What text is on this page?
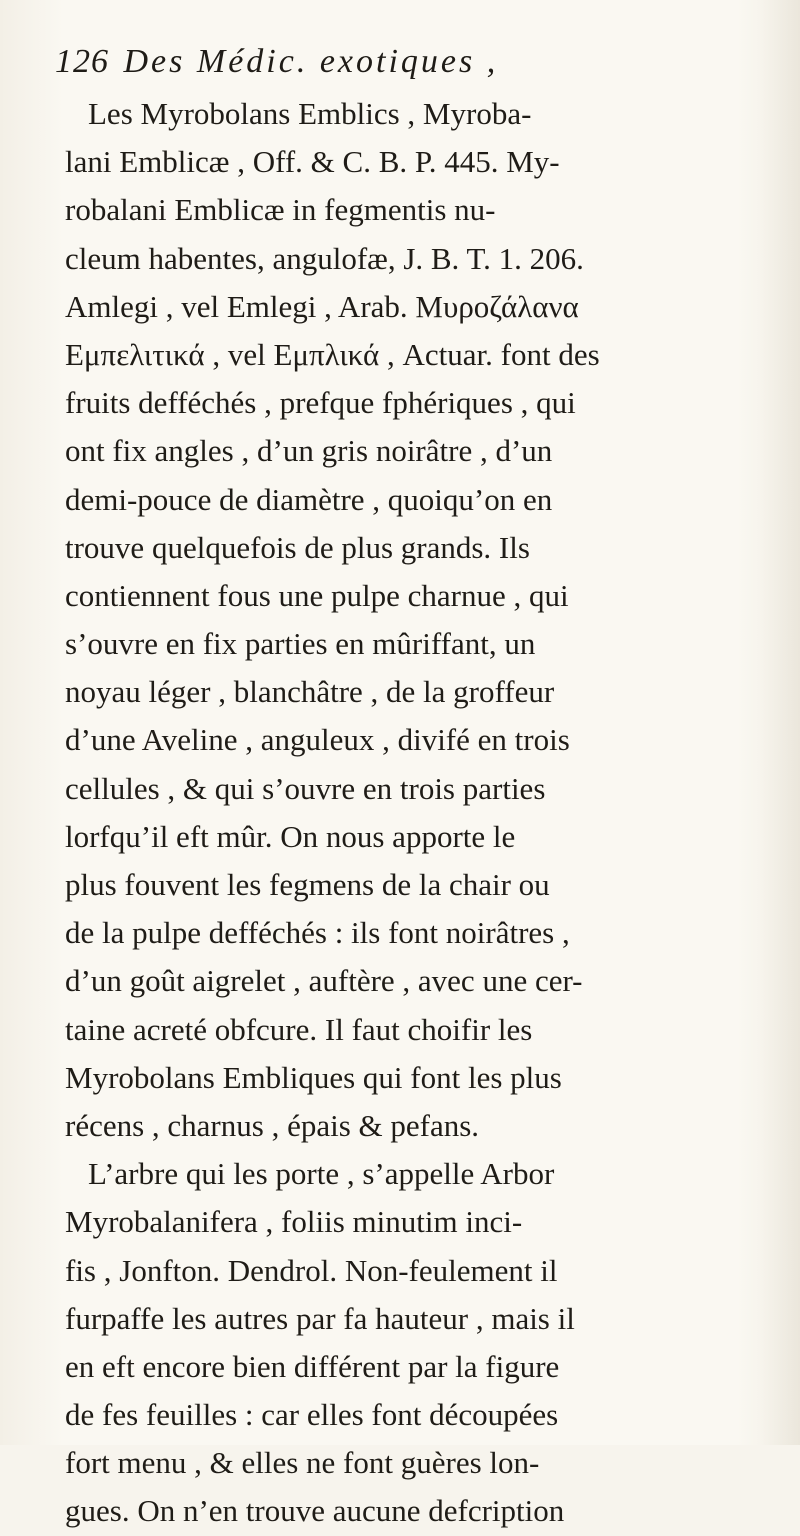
126 Des Médic. exotiques ,
Les Myrobolans Emblics , Myroba-
lani Emblicæ , Off. & C. B. P. 445. My-
robalani Emblicæ in fegmentis nu-
cleum habentes, angulofæ, J. B. T. 1. 206.
Amlegi , vel Emlegi , Arab. Μυροζάλανα
Εμπελιτικά , vel Εμπλικά , Actuar. font des
fruits defféchés , prefque fphériques , qui
ont fix angles , d’un gris noirâtre , d’un
demi-pouce de diamètre , quoiqu’on en
trouve quelquefois de plus grands. Ils
contiennent fous une pulpe charnue , qui
s’ouvre en fix parties en mûriffant, un
noyau léger , blanchâtre , de la groffeur
d’une Aveline , anguleux , divifé en trois
cellules , & qui s’ouvre en trois parties
lorfqu’il eft mûr. On nous apporte le
plus fouvent les fegmens de la chair ou
de la pulpe defféchés : ils font noirâtres ,
d’un goût aigrelet , auftère , avec une cer-
taine acreté obfcure. Il faut choifir les
Myrobolans Embliques qui font les plus
récens , charnus , épais & pefans.
L’arbre qui les porte , s’appelle Arbor
Myrobalanifera , foliis minutim inci-
fis , Jonfton. Dendrol. Non-feulement il
furpaffe les autres par fa hauteur , mais il
en eft encore bien différent par la figure
de fes feuilles : car elles font découpées
fort menu , & elles ne font guères lon-
gues. On n’en trouve aucune defcription
